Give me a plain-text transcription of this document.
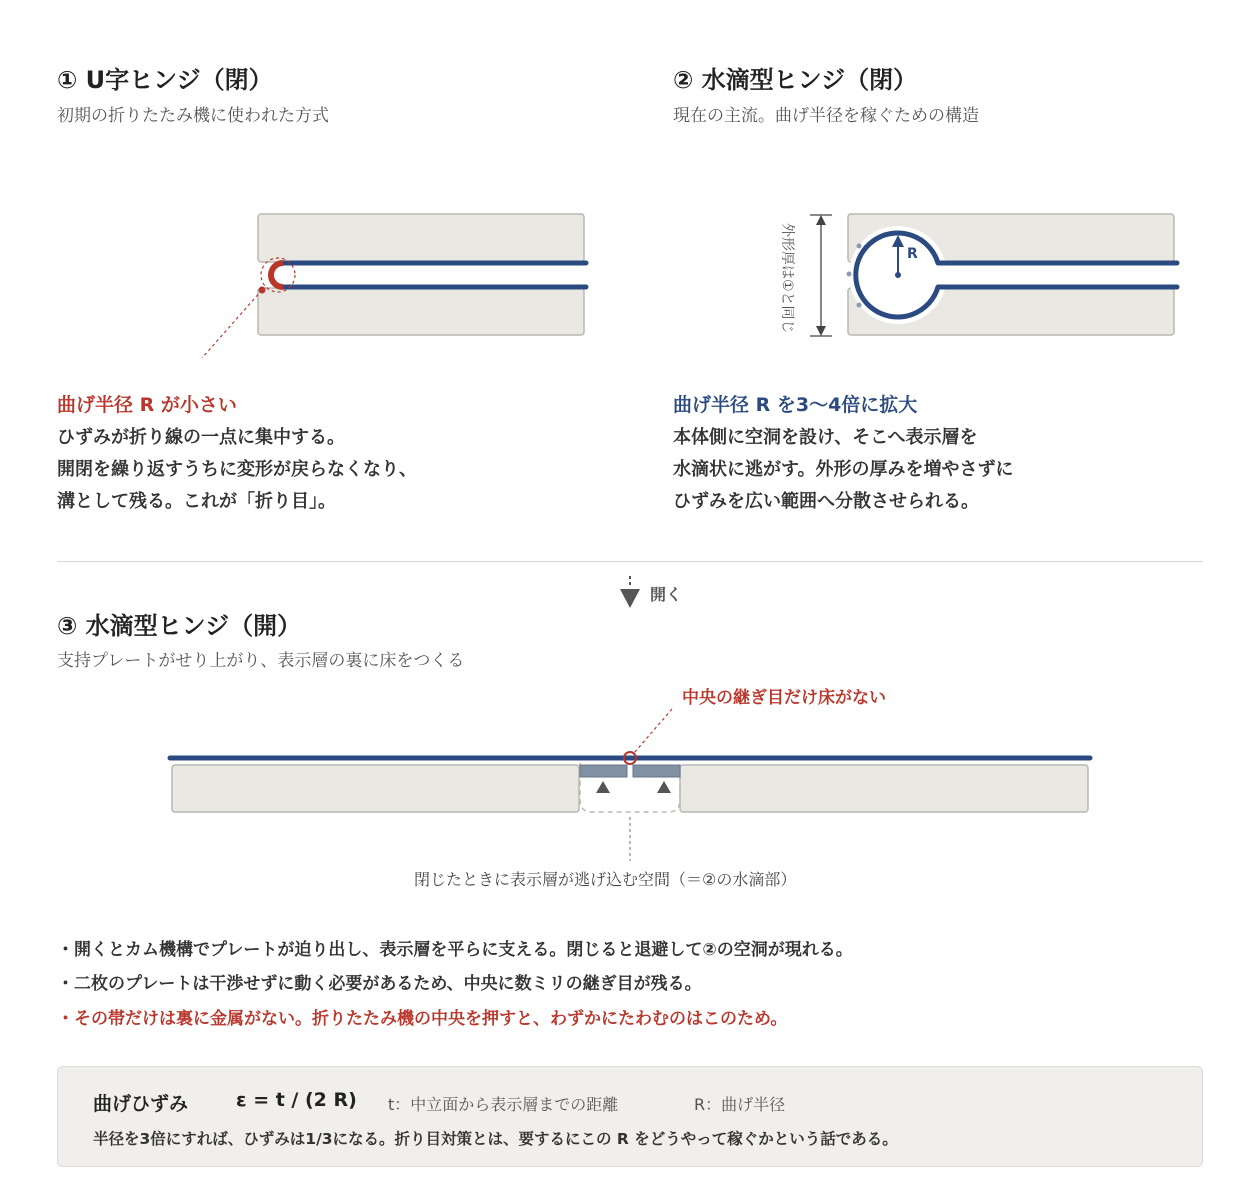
① U字ヒンジ（閉）
初期の折りたたみ機に使われた方式
曲げ半径 R が小さい
ひずみが折り線の一点に集中する。
開閉を繰り返すうちに変形が戻らなくなり、
溝として残る。これが「折り目」。
② 水滴型ヒンジ（閉）
現在の主流。曲げ半径を稼ぐための構造
外形厚は①と同じ	R
曲げ半径 R を3〜4倍に拡大
本体側に空洞を設け、そこへ表示層を
水滴状に逃がす。外形の厚みを増やさずに
ひずみを広い範囲へ分散させられる。
開く
③ 水滴型ヒンジ（開）
支持プレートがせり上がり、表示層の裏に床をつくる
中央の継ぎ目だけ床がない
閉じたときに表示層が逃げ込む空間（＝②の水滴部）
・開くとカム機構でプレートが迫り出し、表示層を平らに支える。閉じると退避して②の空洞が現れる。
・二枚のプレートは干渉せずに動く必要があるため、中央に数ミリの継ぎ目が残る。
・その帯だけは裏に金属がない。折りたたみ機の中央を押すと、わずかにたわむのはこのため。
曲げひずみ	ε = t / (2 R) t：中立面から表示層までの距離	R：曲げ半径
半径を3倍にすれば、ひずみは1/3になる。折り目対策とは、要するにこの R をどうやって稼ぐかという話である。
